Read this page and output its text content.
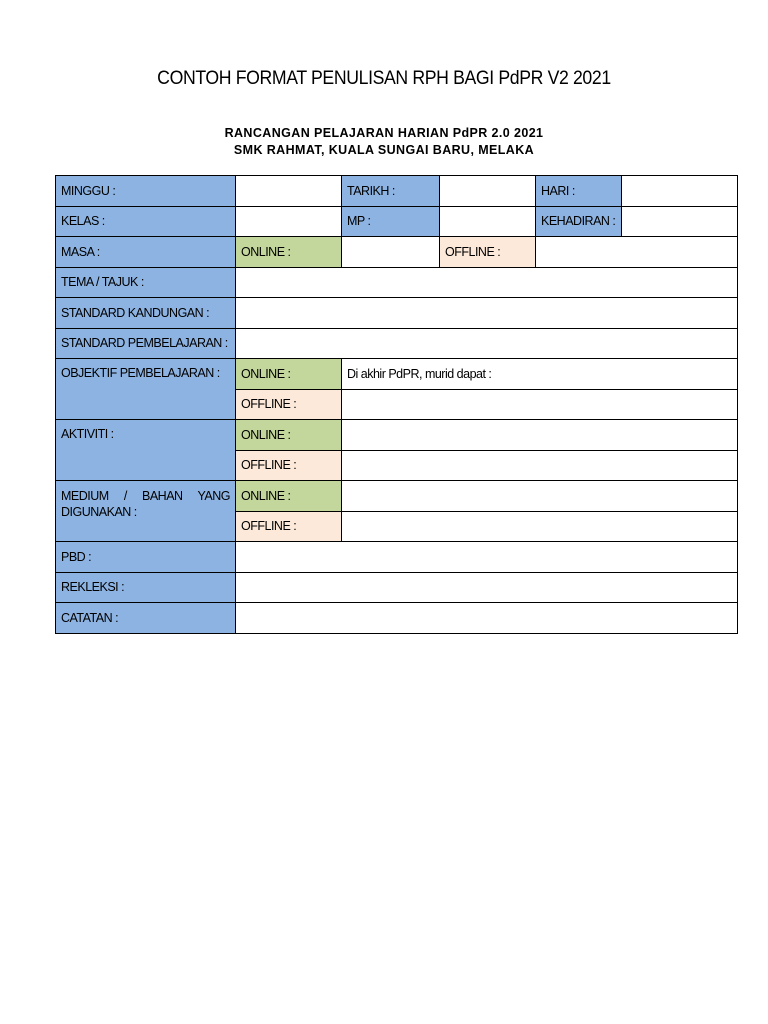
CONTOH FORMAT PENULISAN RPH BAGI PdPR V2 2021
RANCANGAN PELAJARAN HARIAN PdPR 2.0 2021
SMK RAHMAT, KUALA SUNGAI BARU, MELAKA
MINGGU :		TARIKH :		HARI :	
KELAS :		MP :		KEHADIRAN :	
MASA :	ONLINE :		OFFLINE :		
TEMA / TAJUK :					
STANDARD KANDUNGAN :					
STANDARD PEMBELAJARAN :					
OBJEKTIF PEMBELAJARAN :	ONLINE :	Di akhir PdPR, murid dapat :			
	OFFLINE :				
AKTIVITI :	ONLINE :				
	OFFLINE :				

MEDIUM / BAHAN YANG
DIGUNAKAN :	ONLINE :				
	OFFLINE :				
PBD :					
REKLEKSI :					
CATATAN :					
